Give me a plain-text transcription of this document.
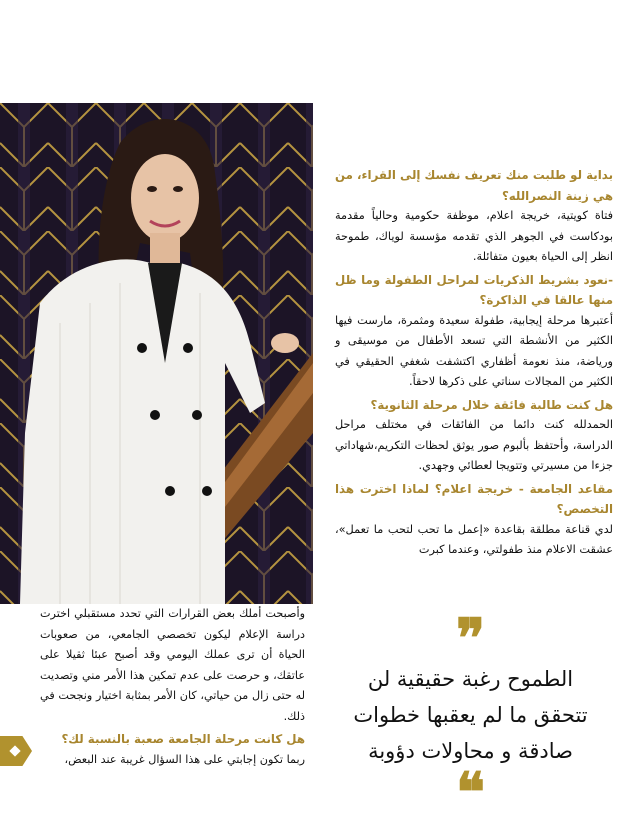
بداية لو طلبت منك تعريف نفسك إلى القراء، من هي زينة النصرالله؟

فتاة كويتية، خريجة اعلام، موظفة حكومية وحالياً مقدمة بودكاست في الجوهر الذي تقدمه مؤسسة لوياك، طموحة انظر إلى الحياة بعيون متفائلة.

-نعود بشريط الذكريات لمراحل الطفولة وما ظل منها عالقا في الذاكرة؟

أعتبرها مرحلة إيجابية، طفولة سعيدة ومثمرة، مارست فيها الكثير من الأنشطة التي تسعد الأطفال من موسيقى و ورياضة، منذ نعومة أظفاري اكتشفت شغفي الحقيقي في الكثير من المجالات سناتي على ذكرها لاحقاً.

هل كنت طالبة فائقة خلال مرحلة الثانوية؟

الحمدلله كنت دائما من الفائقات في مختلف مراحل الدراسة، وأحتفظ بألبوم صور يوثق لحظات التكريم،شهاداتي جزءا من مسيرتي وتتويجا لعطائي وجهدي.

مقاعد الجامعة - خريجة اعلام؟ لماذا اخترت هذا التخصص؟

لدي قناعة مطلقة بقاعدة «إعمل ما تحب لتحب ما تعمل»، عشقت الاعلام منذ طفولتي، وعندما كبرت

وأصبحت أملك بعض القرارات التي تحدد مستقبلي اخترت دراسة الإعلام ليكون تخصصي الجامعي، من صعوبات الحياة أن ترى عملك اليومي وقد أصبح عبئا ثقيلا على عاتقك، و حرصت على عدم تمكين هذا الأمر مني وتصديت له حتى زال من حياتي، كان الأمر بمثابة اختيار ونجحت في ذلك.

هل كانت مرحلة الجامعة صعبة بالنسبة لك؟

ربما تكون إجابتي على هذا السؤال غريبة عند البعض،

❞
الطموح رغبة حقيقية لن
تتحقق ما لم يعقبها خطوات
صادقة و محاولات دؤوبة
❝
